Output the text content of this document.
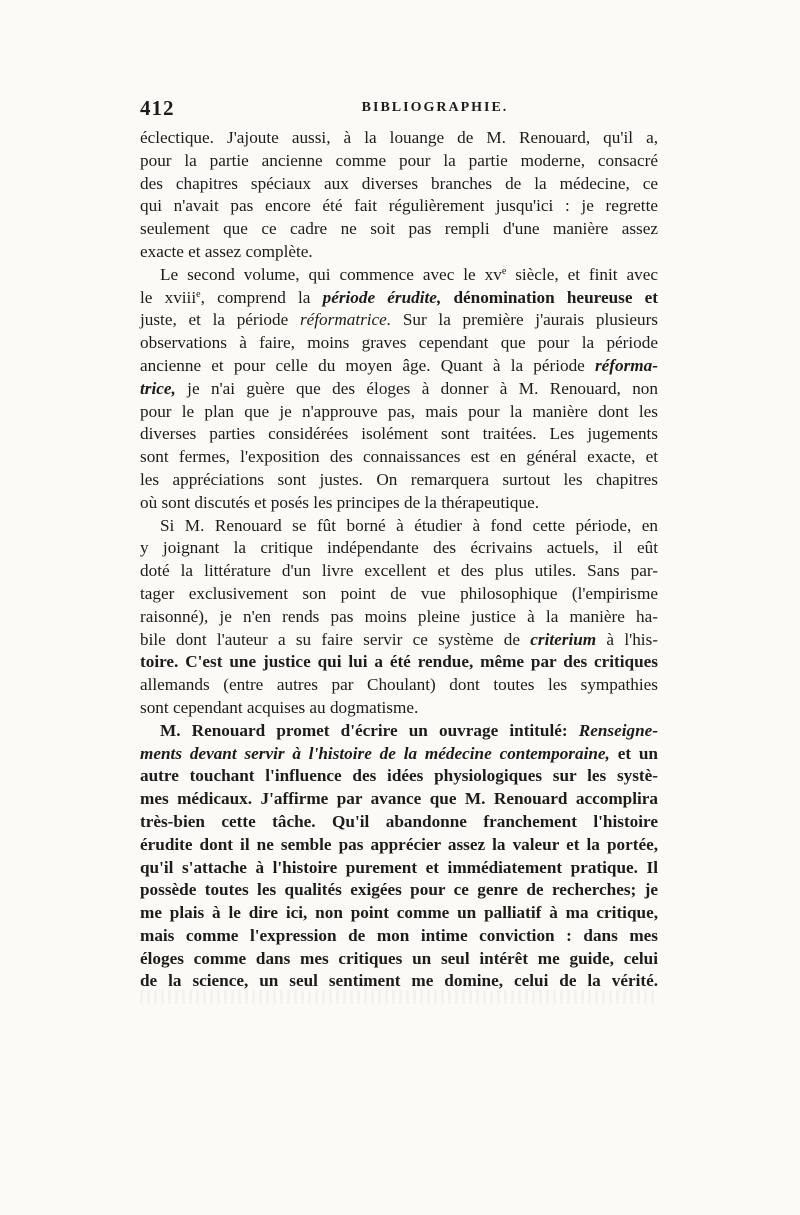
412	BIBLIOGRAPHIE.
éclectique. J'ajoute aussi, à la louange de M. Renouard, qu'il a,
pour la partie ancienne comme pour la partie moderne, consacré
des chapitres spéciaux aux diverses branches de la médecine, ce
qui n'avait pas encore été fait régulièrement jusqu'ici : je regrette
seulement que ce cadre ne soit pas rempli d'une manière assez
exacte et assez complète.
Le second volume, qui commence avec le $xv^e$ siècle, et finit avec
le xviii$^e$, comprend la période érudite, dénomination heureuse et
juste, et la période réformatrice. Sur la première j'aurais plusieurs
observations à faire, moins graves cependant que pour la période
ancienne et pour celle du moyen âge. Quant à la période réforma-
trice, je n'ai guère que des éloges à donner à M. Renouard, non
pour le plan que je n'approuve pas, mais pour la manière dont les
diverses parties considérées isolément sont traitées. Les jugements
sont fermes, l'exposition des connaissances est en général exacte, et
les appréciations sont justes. On remarquera surtout les chapitres
où sont discutés et posés les principes de la thérapeutique.
Si M. Renouard se fût borné à étudier à fond cette période, en
y joignant la critique indépendante des écrivains actuels, il eût
doté la littérature d'un livre excellent et des plus utiles. Sans par-
tager exclusivement son point de vue philosophique (l'empirisme
raisonné), je n'en rends pas moins pleine justice à la manière ha-
bile dont l'auteur a su faire servir ce système de criterium à l'his-
toire. C'est une justice qui lui a été rendue, même par des critiques
allemands (entre autres par Choulant) dont toutes les sympathies
sont cependant acquises au dogmatisme.
M. Renouard promet d'écrire un ouvrage intitulé: Renseigne-
ments devant servir à l'histoire de la médecine contemporaine, et un
autre touchant l'influence des idées physiologiques sur les systè-
mes médicaux. J'affirme par avance que M. Renouard accomplira
très-bien cette tâche. Qu'il abandonne franchement l'histoire
érudite dont il ne semble pas apprécier assez la valeur et la portée,
qu'il s'attache à l'histoire purement et immédiatement pratique. Il
possède toutes les qualités exigées pour ce genre de recherches; je
me plais à le dire ici, non point comme un palliatif à ma critique,
mais comme l'expression de mon intime conviction : dans mes
éloges comme dans mes critiques un seul intérêt me guide, celui
de la science, un seul sentiment me domine, celui de la vérité.
